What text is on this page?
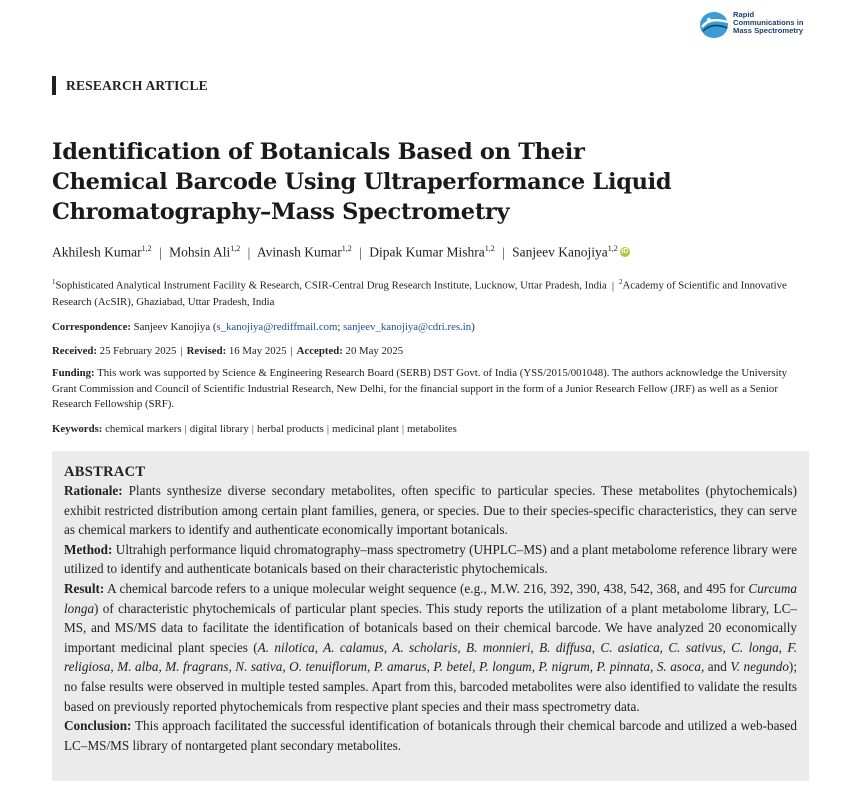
Rapid
Communications in
Mass Spectrometry
RESEARCH ARTICLE
Identification of Botanicals Based on Their
Chemical Barcode Using Ultraperformance Liquid
Chromatography–Mass Spectrometry
Akhilesh Kumar$^{1,2}$ | Mohsin Ali$^{1,2}$ | Avinash Kumar$^{1,2}$ | Dipak Kumar Mishra$^{1,2}$ | Sanjeev Kanojiya$^{1,2}$ iD
$^1$Sophisticated Analytical Instrument Facility & Research, CSIR-Central Drug Research Institute, Lucknow, Uttar Pradesh, India | $^2$Academy of Scientific and Innovative Research (AcSIR), Ghaziabad, Uttar Pradesh, India
Correspondence: Sanjeev Kanojiya (s_kanojiya@rediffmail.com; sanjeev_kanojiya@cdri.res.in)
Received: 25 February 2025 | Revised: 16 May 2025 | Accepted: 20 May 2025
Funding: This work was supported by Science & Engineering Research Board (SERB) DST Govt. of India (YSS/2015/001048). The authors acknowledge the University Grant Commission and Council of Scientific Industrial Research, New Delhi, for the financial support in the form of a Junior Research Fellow (JRF) as well as a Senior Research Fellowship (SRF).
Keywords: chemical markers | digital library | herbal products | medicinal plant | metabolites
ABSTRACT

Rationale: Plants synthesize diverse secondary metabolites, often specific to particular species. These metabolites (phytochemicals) exhibit restricted distribution among certain plant families, genera, or species. Due to their species-specific characteristics, they can serve as chemical markers to identify and authenticate economically important botanicals.

Method: Ultrahigh performance liquid chromatography–mass spectrometry (UHPLC–MS) and a plant metabolome reference library were utilized to identify and authenticate botanicals based on their characteristic phytochemicals.

Result: A chemical barcode refers to a unique molecular weight sequence (e.g., M.W. 216, 392, 390, 438, 542, 368, and 495 for Curcuma longa) of characteristic phytochemicals of particular plant species. This study reports the utilization of a plant metabolome library, LC–MS, and MS/MS data to facilitate the identification of botanicals based on their chemical barcode. We have analyzed 20 economically important medicinal plant species (A. nilotica, A. calamus, A. scholaris, B. monnieri, B. diffusa, C. asiatica, C. sativus, C. longa, F. religiosa, M. alba, M. fragrans, N. sativa, O. tenuiflorum, P. amarus, P. betel, P. longum, P. nigrum, P. pinnata, S. asoca, and V. negundo); no false results were observed in multiple tested samples. Apart from this, barcoded metabolites were also identified to validate the results based on previously reported phytochemicals from respective plant species and their mass spectrometry data.

Conclusion: This approach facilitated the successful identification of botanicals through their chemical barcode and utilized a web-based LC–MS/MS library of nontargeted plant secondary metabolites.
